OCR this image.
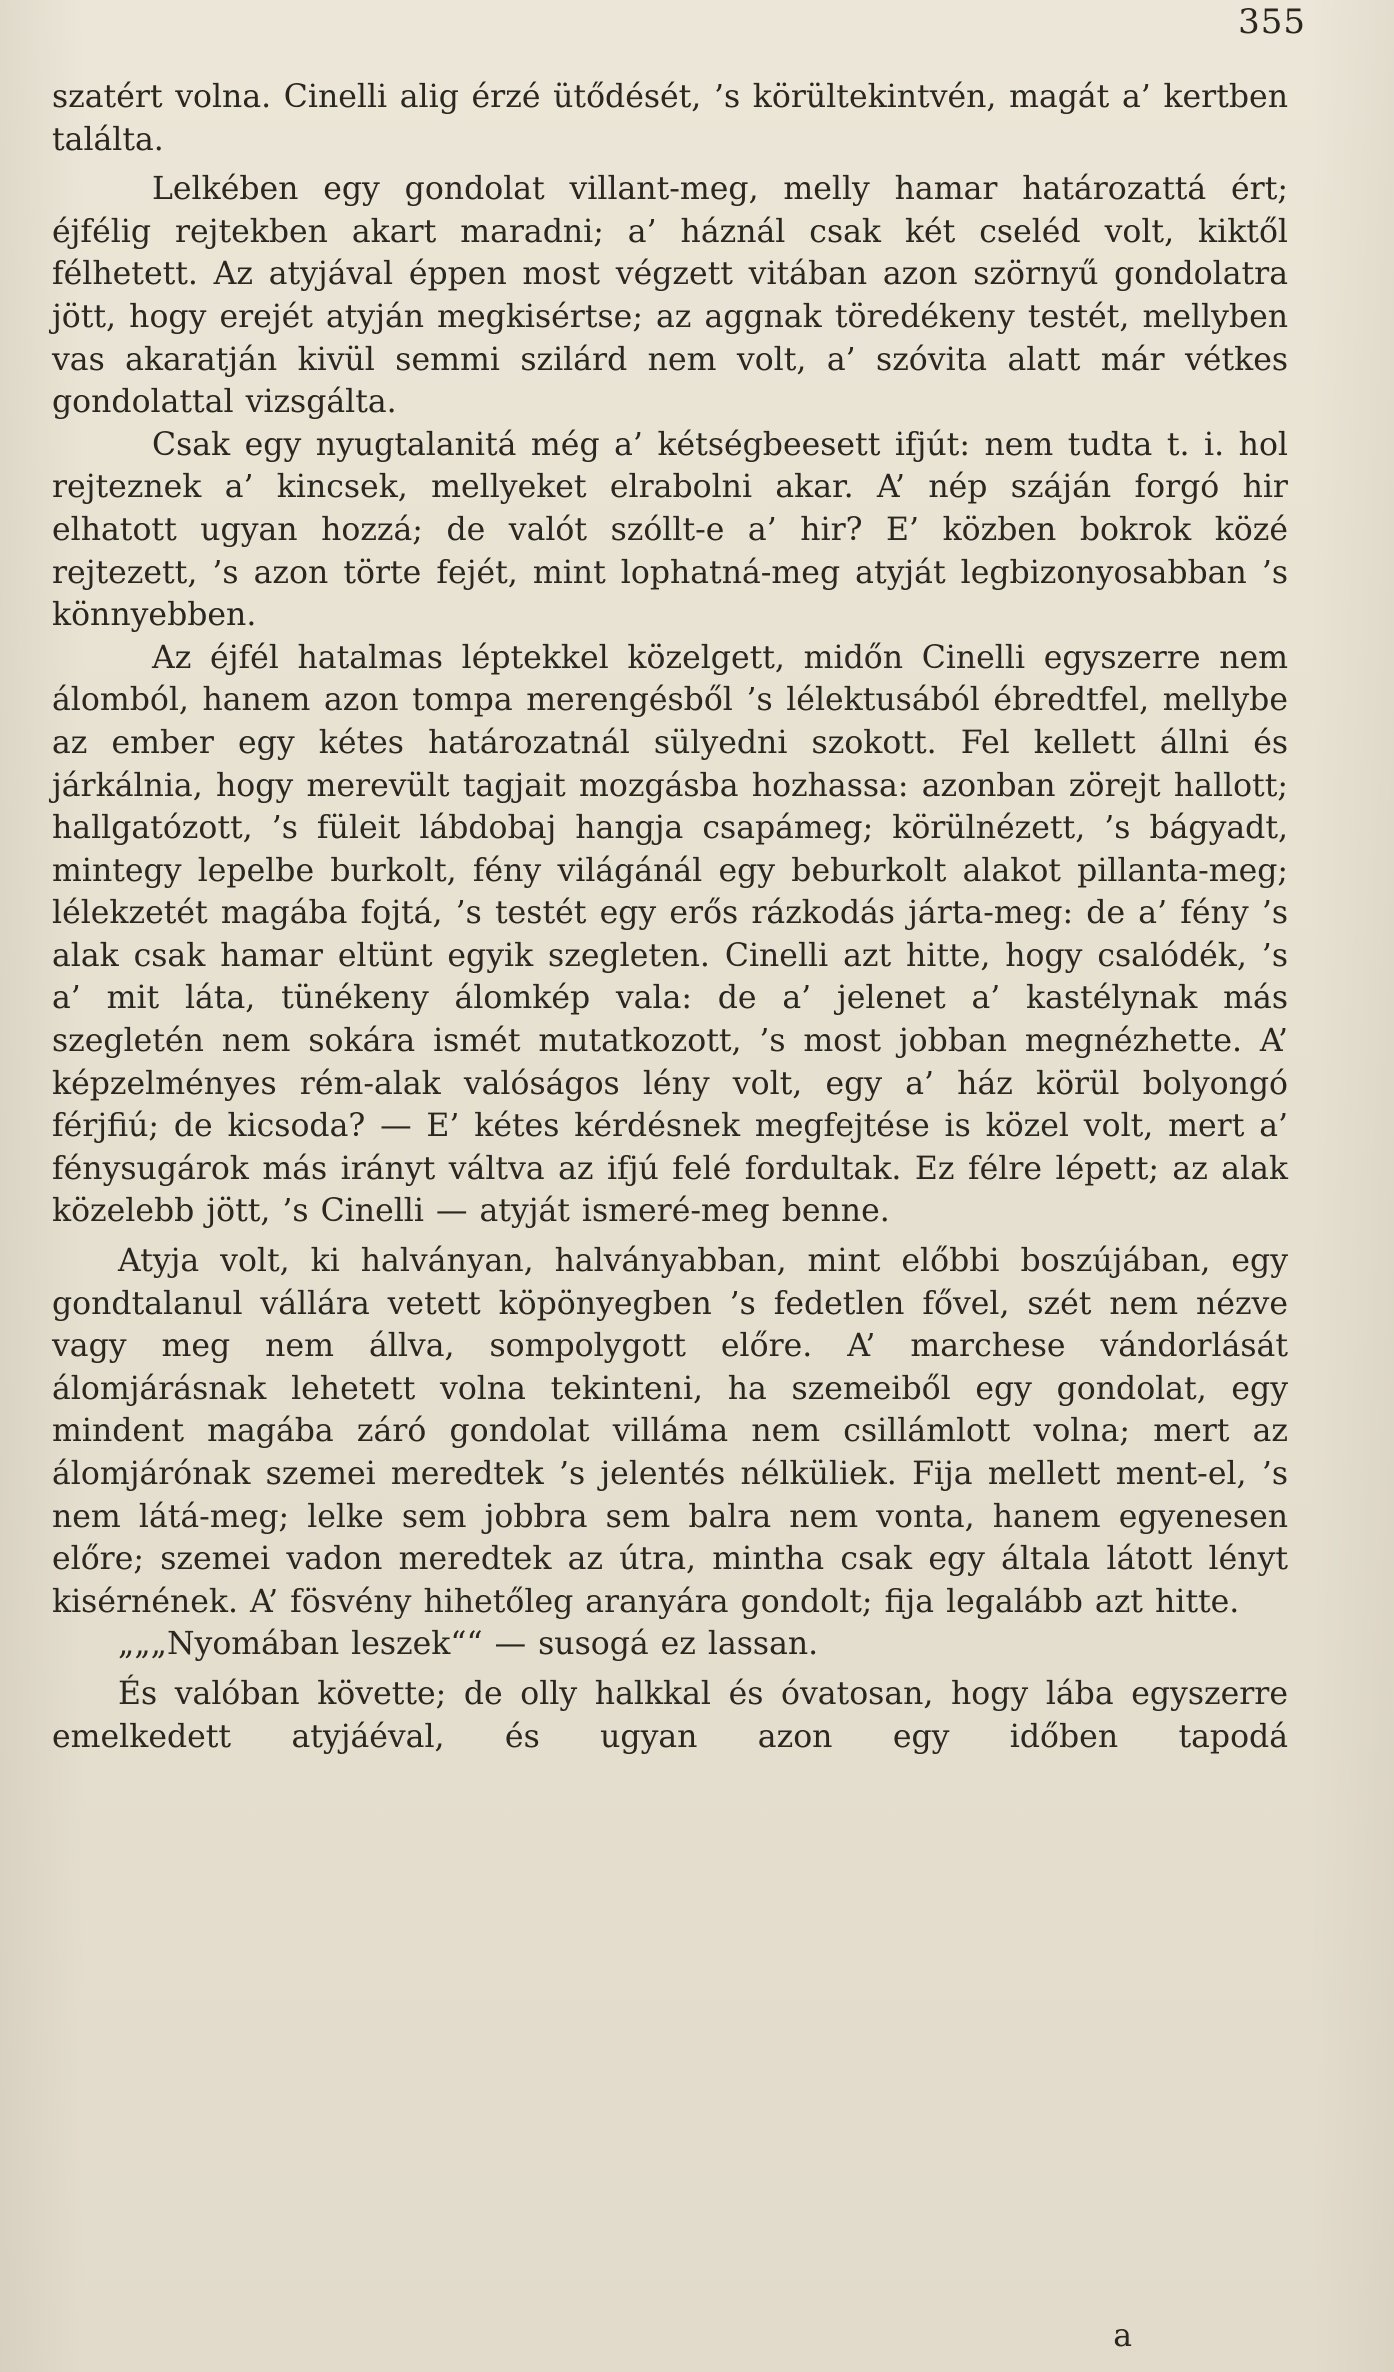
355

szatért volna. Cinelli alig érzé ütődését, ’s körültekintvén, magát a’ kertben találta.

Lelkében egy gondolat villant-meg, melly hamar határozattá ért; éjfélig rejtekben akart maradni; a’ háznál csak két cseléd volt, kiktől félhetett. Az atyjával éppen most végzett vitában azon szörnyű gondolatra jött, hogy erejét atyján megkisértse; az aggnak töredékeny testét, mellyben vas akaratján kivül semmi szilárd nem volt, a’ szóvita alatt már vétkes gondolattal vizsgálta.

Csak egy nyugtalanitá még a’ kétségbeesett ifjút: nem tudta t. i. hol rejteznek a’ kincsek, mellyeket elrabolni akar. A’ nép száján forgó hir elhatott ugyan hozzá; de valót szóllt-e a’ hir? E’ közben bokrok közé rejtezett, ’s azon törte fejét, mint lophatná-meg atyját legbizonyosabban ’s könnyebben.

Az éjfél hatalmas léptekkel közelgett, midőn Cinelli egyszerre nem álomból, hanem azon tompa merengésből ’s lélektusából ébredtfel, mellybe az ember egy kétes határozatnál sülyedni szokott. Fel kellett állni és járkálnia, hogy merevült tagjait mozgásba hozhassa: azonban zörejt hallott; hallgatózott, ’s füleit lábdobaj hangja csapámeg; körülnézett, ’s bágyadt, mintegy lepelbe burkolt, fény világánál egy beburkolt alakot pillanta-meg; lélekzetét magába fojtá, ’s testét egy erős rázkodás járta-meg: de a’ fény ’s alak csak hamar eltünt egyik szegleten. Cinelli azt hitte, hogy csalódék, ’s a’ mit láta, tünékeny álomkép vala: de a’ jelenet a’ kastélynak más szegletén nem sokára ismét mutatkozott, ’s most jobban megnézhette. A’ képzelményes rém-alak valóságos lény volt, egy a’ ház körül bolyongó férjfiú; de kicsoda? — E’ kétes kérdésnek megfejtése is közel volt, mert a’ fénysugárok más irányt váltva az ifjú felé fordultak. Ez félre lépett; az alak közelebb jött, ’s Cinelli — atyját ismeré-meg benne.

Atyja volt, ki halványan, halványabban, mint előbbi boszújában, egy gondtalanul vállára vetett köpönyegben ’s fedetlen fővel, szét nem nézve vagy meg nem állva, sompolygott előre. A’ marchese vándorlását álomjárásnak lehetett volna tekinteni, ha szemeiből egy gondolat, egy mindent magába záró gondolat villáma nem csillámlott volna; mert az álomjárónak szemei meredtek ’s jelentés nélküliek. Fija mellett ment-el, ’s nem látá-meg; lelke sem jobbra sem balra nem vonta, hanem egyenesen előre; szemei vadon meredtek az útra, mintha csak egy általa látott lényt kisérnének. A’ fösvény hihetőleg aranyára gondolt; fija legalább azt hitte.

„„„Nyomában leszek““ — susogá ez lassan.

És valóban követte; de olly halkkal és óvatosan, hogy lába egyszerre emelkedett atyjáéval, és ugyan azon egy időben tapodá

a
